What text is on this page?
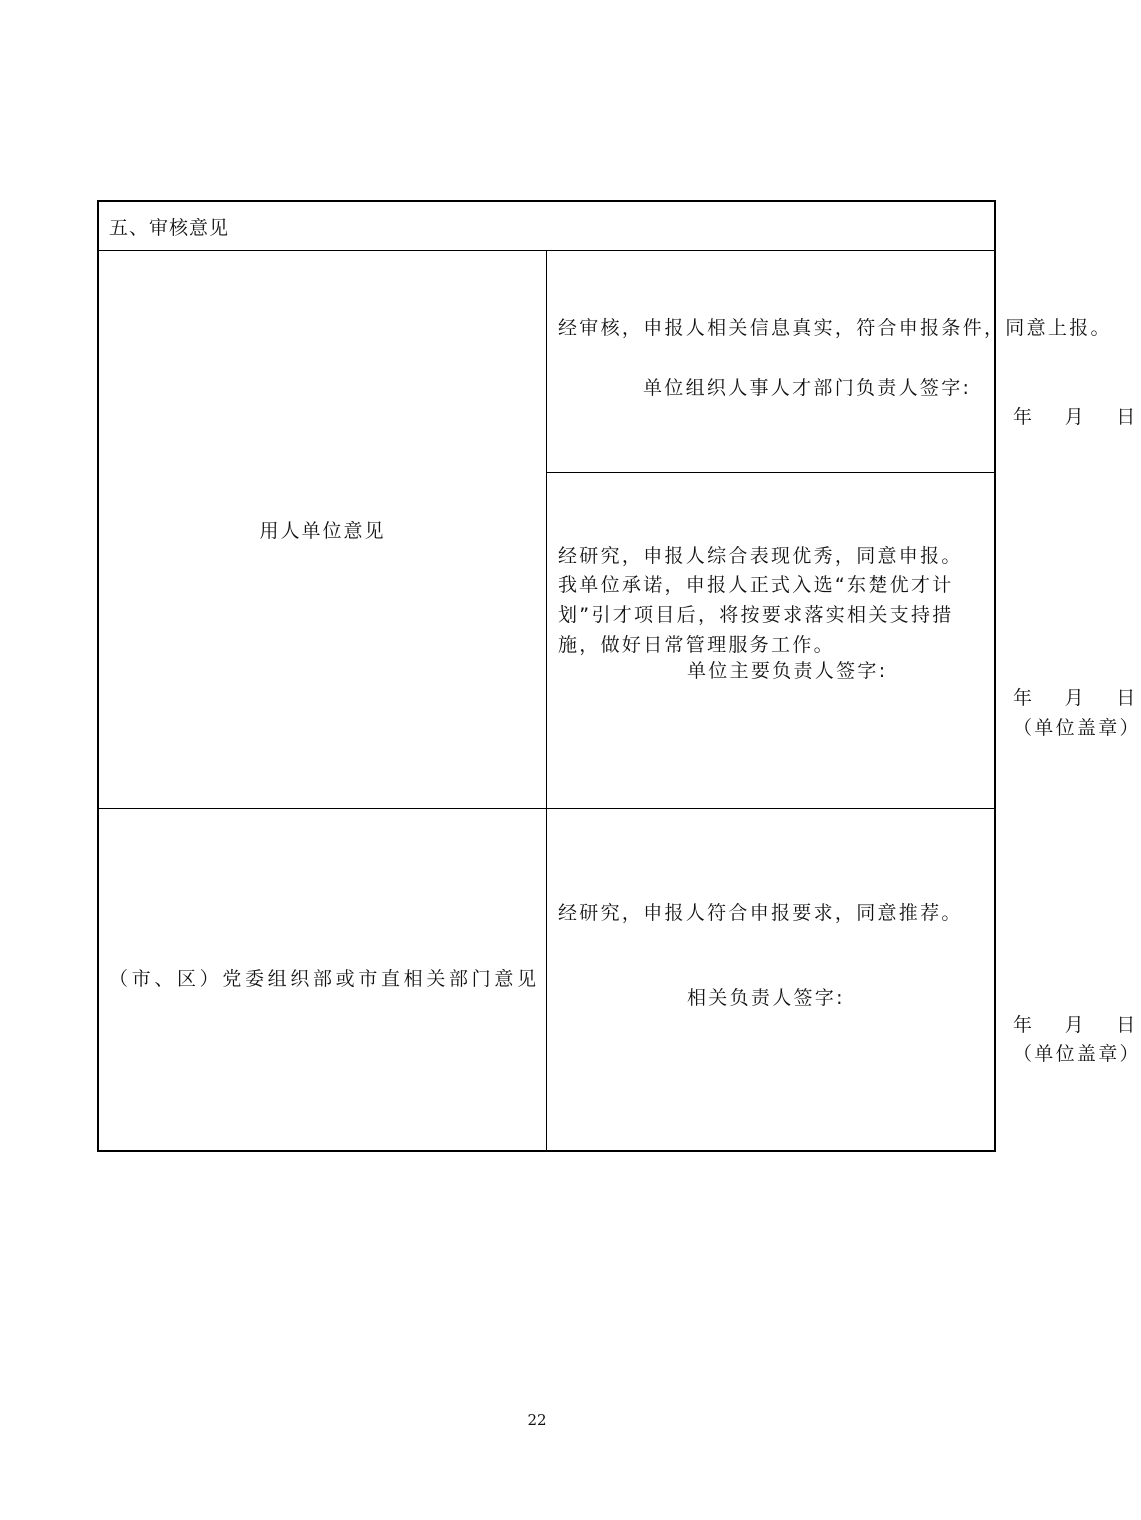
五、审核意见	
用人单位意见	经审核，申报人相关信息真实，符合申报条件，同意上报。
单位组织人事人才部门负责人签字:
年 月 日

	经研究，申报人综合表现优秀，同意申报。
我单位承诺，申报人正式入选“东楚优才计划”引才项目后，将按要求落实相关支持措施，做好日常管理服务工作。
单位主要负责人签字:
年 月 日
（单位盖章）

（市、区）党委组织部或市直相关部门意见	经研究，申报人符合申报要求，同意推荐。
相关负责人签字:
年 月 日
（单位盖章）
22
